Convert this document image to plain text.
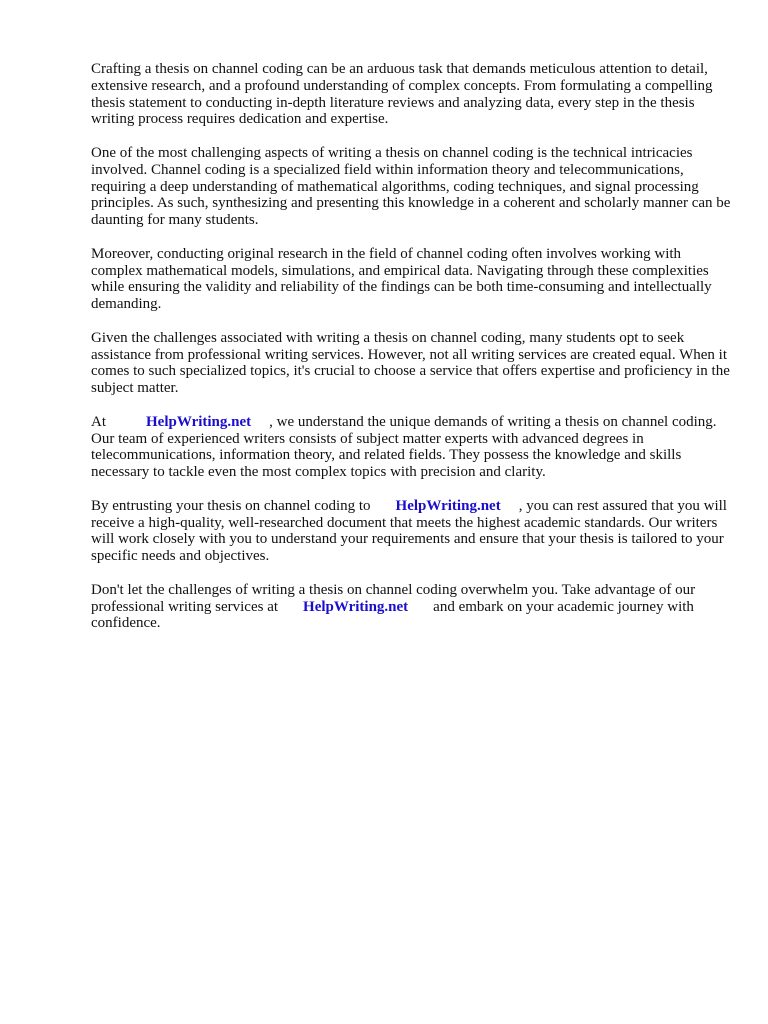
Crafting a thesis on channel coding can be an arduous task that demands meticulous attention to detail, extensive research, and a profound understanding of complex concepts. From formulating a compelling thesis statement to conducting in-depth literature reviews and analyzing data, every step in the thesis writing process requires dedication and expertise.

One of the most challenging aspects of writing a thesis on channel coding is the technical intricacies involved. Channel coding is a specialized field within information theory and telecommunications, requiring a deep understanding of mathematical algorithms, coding techniques, and signal processing principles. As such, synthesizing and presenting this knowledge in a coherent and scholarly manner can be daunting for many students.

Moreover, conducting original research in the field of channel coding often involves working with complex mathematical models, simulations, and empirical data. Navigating through these complexities while ensuring the validity and reliability of the findings can be both time-consuming and intellectually demanding.

Given the challenges associated with writing a thesis on channel coding, many students opt to seek assistance from professional writing services. However, not all writing services are created equal. When it comes to such specialized topics, it's crucial to choose a service that offers expertise and proficiency in the subject matter.

At	HelpWriting.net , we understand the unique demands of writing a thesis on channel coding. Our team of experienced writers consists of subject matter experts with advanced degrees in telecommunications, information theory, and related fields. They possess the knowledge and skills necessary to tackle even the most complex topics with precision and clarity.

By entrusting your thesis on channel coding to HelpWriting.net , you can rest assured that you will receive a high-quality, well-researched document that meets the highest academic standards. Our writers will work closely with you to understand your requirements and ensure that your thesis is tailored to your specific needs and objectives.

Don't let the challenges of writing a thesis on channel coding overwhelm you. Take advantage of our professional writing services at HelpWriting.net and embark on your academic journey with confidence.
